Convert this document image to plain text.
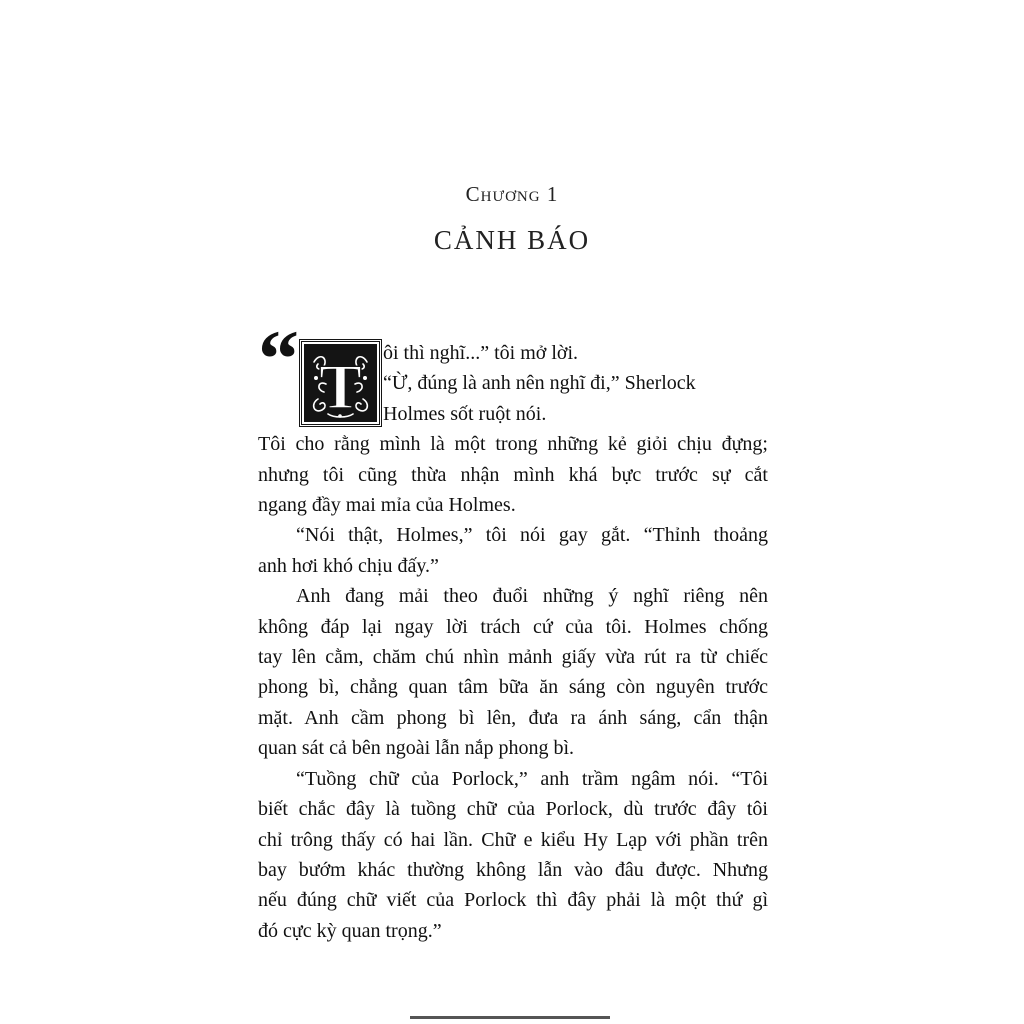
Chương 1
CẢNH BÁO
“ T	ôi thì nghĩ...” tôi mở lời.
“Ừ, đúng là anh nên nghĩ đi,” Sherlock
Holmes sốt ruột nói.
Tôi cho rằng mình là một trong những kẻ giỏi chịu đựng;
nhưng tôi cũng thừa nhận mình khá bực trước sự cắt
ngang đầy mai mỉa của Holmes.
“Nói thật, Holmes,” tôi nói gay gắt. “Thỉnh thoảng
anh hơi khó chịu đấy.”
Anh đang mải theo đuổi những ý nghĩ riêng nên
không đáp lại ngay lời trách cứ của tôi. Holmes chống
tay lên cằm, chăm chú nhìn mảnh giấy vừa rút ra từ chiếc
phong bì, chẳng quan tâm bữa ăn sáng còn nguyên trước
mặt. Anh cầm phong bì lên, đưa ra ánh sáng, cẩn thận
quan sát cả bên ngoài lẫn nắp phong bì.
“Tuồng chữ của Porlock,” anh trầm ngâm nói. “Tôi
biết chắc đây là tuồng chữ của Porlock, dù trước đây tôi
chỉ trông thấy có hai lần. Chữ e kiểu Hy Lạp với phần trên
bay bướm khác thường không lẫn vào đâu được. Nhưng
nếu đúng chữ viết của Porlock thì đây phải là một thứ gì
đó cực kỳ quan trọng.”
